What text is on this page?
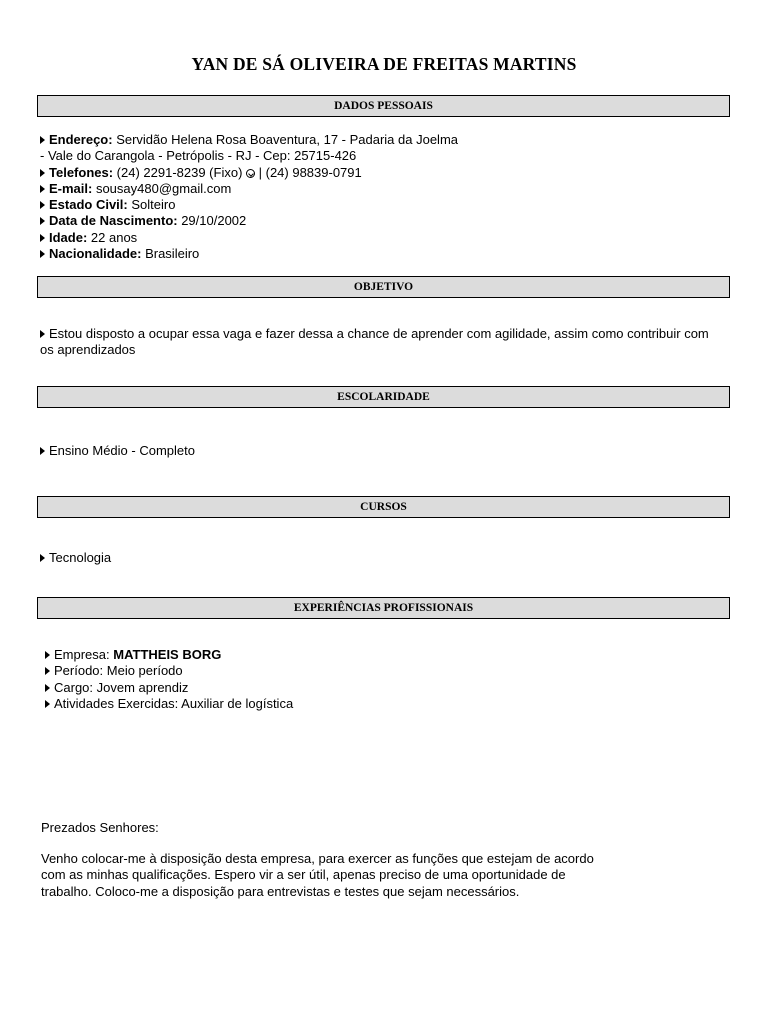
YAN DE SÁ OLIVEIRA DE FREITAS MARTINS
DADOS PESSOAIS
Endereço: Servidão Helena Rosa Boaventura, 17 - Padaria da Joelma
- Vale do Carangola - Petrópolis - RJ - Cep: 25715-426
Telefones: (24) 2291-8239 (Fixo)  | (24) 98839-0791
E-mail: sousay480@gmail.com
Estado Civil: Solteiro
Data de Nascimento: 29/10/2002
Idade: 22 anos
Nacionalidade: Brasileiro
OBJETIVO
Estou disposto a ocupar essa vaga e fazer dessa a chance de aprender com agilidade, assim como contribuir com
os aprendizados
ESCOLARIDADE
Ensino Médio - Completo
CURSOS
Tecnologia
EXPERIÊNCIAS PROFISSIONAIS
Empresa: MATTHEIS BORG
Período: Meio período
Cargo: Jovem aprendiz
Atividades Exercidas: Auxiliar de logística
Prezados Senhores:
Venho colocar-me à disposição desta empresa, para exercer as funções que estejam de acordo
com as minhas qualificações. Espero vir a ser útil, apenas preciso de uma oportunidade de
trabalho. Coloco-me a disposição para entrevistas e testes que sejam necessários.
